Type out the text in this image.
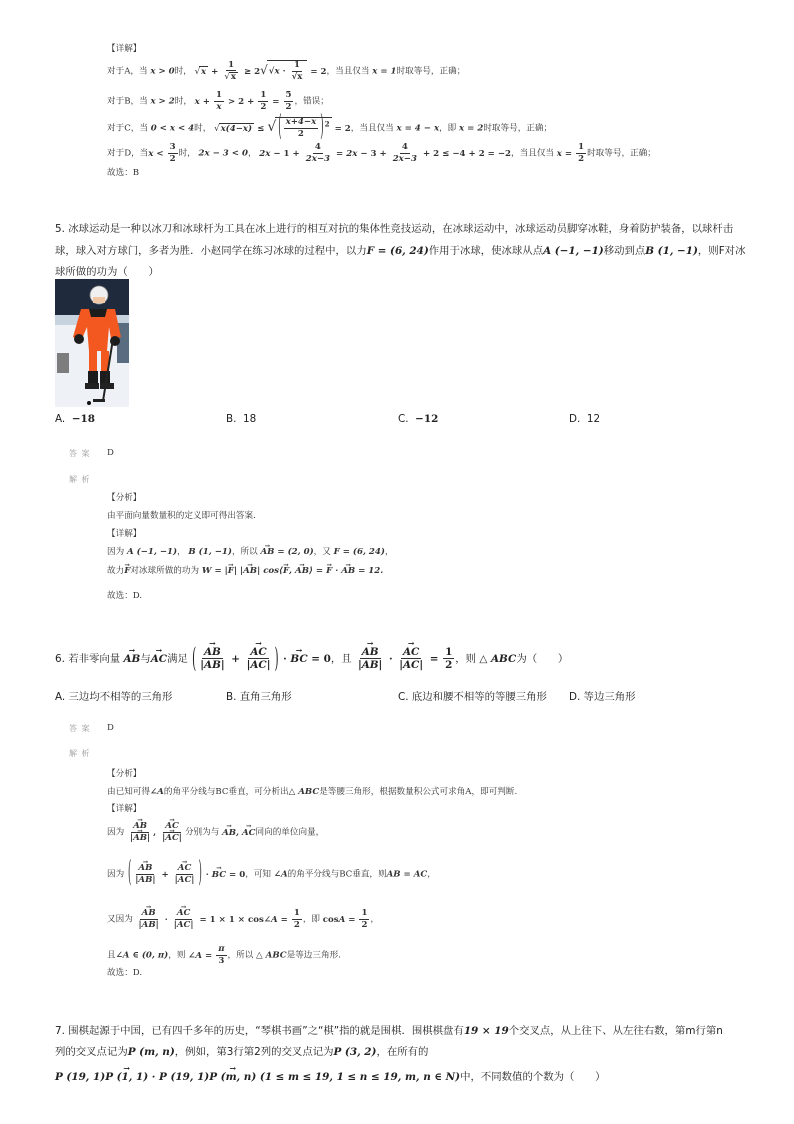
【详解】
对于A，当 x > 0时， $√x + \frac{1}{√x} \ge 2√√x \cdot \frac{1}{√x} = 2$，当且仅当 x = 1时取等号，正确；
对于B，当 x > 2时， $x + \frac{1}{x} > 2 + \frac{1}{2} = \frac{5}{2}$ ，错误；
对于C，当 0 < x < 4时， √x(4−x) ≤ √ ( $\frac{x+4-x}{2} )^2 = 2$，当且仅当 x = 4 − x，即 x = 2时取等号，正确；
对于D，当$x < \frac{3}{2}$ 时， 2x − 3 < 0， $2x - 1 + \frac{4}{2x-3} = 2x - 3 + \frac{4}{2x-3} + 2 \le -4 + 2 = -2$，当且仅当 $x = \frac{1}{2}$ 时取等号，正确；
故选：B
5. 冰球运动是一种以冰刀和冰球杆为工具在冰上进行的相互对抗的集体性竞技运动，在冰球运动中，冰球运动员脚穿冰鞋，身着防护装备，以球杆击
球，球入对方球门，多者为胜．小赵同学在练习冰球的过程中，以力F = (6, 24)作用于冰球，使冰球从点A (−1, −1)移动到点B (1, −1)，则F对冰
球所做的功为（　　）
A. −18	B. 18	C. −12	D. 12
答 案 D
解 析
【分析】
由平面向量数量积的定义即可得出答案.
【详解】
因为 A (−1, −1)， B (1, −1)，所以 → AB = (2, 0)，又 F = (6, 24)，
故力→ F对冰球所做的功为 W = |→ F| |→ AB| cos⟨→ F, → AB⟩ = → F · → AB = 12.
故选：D.
6. 若非零向量 → AB与→ AC满足 ( → $\frac{AB}{|AB|}$ + → $\frac{AC}{|AC|}$ ) · → BC = 0，且 → $\frac{AB}{|AB|}$ · → $\frac{AC}{|AC|} = \frac{1}{2}$ ，则 △ ABC为（　　）
A. 三边均不相等的三角形	B. 直角三角形	C. 底边和腰不相等的等腰三角形 D. 等边三角形
答 案 D
解 析
【分析】
由已知可得∠A的角平分线与BC垂直，可分析出△ ABC是等腰三角形，根据数量积公式可求角A，即可判断.
【详解】
因为 → $\frac{AB}{|\to AB|}$ , → $\frac{AC}{|\to AC|}$ 分别为与 → AB, → AC同向的单位向量，
因为 ( → $\frac{AB}{|AB|}$ + → $\frac{AC}{|AC|}$ ) · → BC = 0，可知 ∠A的角平分线与BC垂直，则AB = AC，
又因为 → $\frac{AB}{|AB|}$ · → $\frac{AC}{|AC|} = 1 \times 1$ × cos∠A = $\frac{1}{2}$ ，即 $\cos A = \frac{1}{2}$ ，
且∠A ∈ (0, π)，则 ∠A = $\frac{\pi}{3}$ ，所以 △ ABC是等边三角形.
故选：D.
7. 围棋起源于中国，已有四千多年的历史，“琴棋书画”之“棋”指的就是围棋．围棋棋盘有19 × 19个交叉点，从上往下、从左往右数，第m行第n
列的交叉点记为P (m, n)，例如，第3行第2列的交叉点记为P (3, 2)，在所有的
P (19, 1)→ P (1, 1) · P (19, 1)→ P (m, n) (1 ≤ m ≤ 19, 1 ≤ n ≤ 19, m, n ∈ N)中，不同数值的个数为（　　）
